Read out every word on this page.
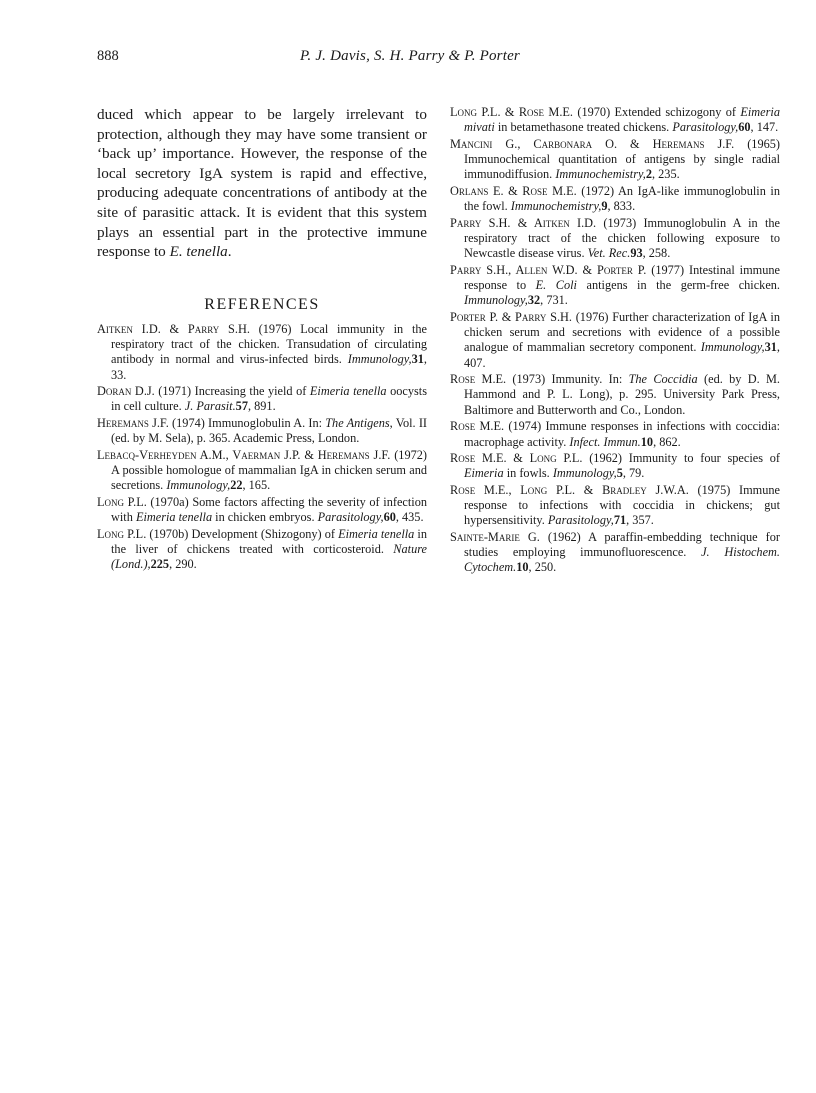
888	P. J. Davis, S. H. Parry & P. Porter

duced which appear to be largely irrelevant to protection, although they may have some transient or ‘back up’ importance. However, the response of the local secretory IgA system is rapid and effective, producing adequate concentrations of antibody at the site of parasitic attack. It is evident that this system plays an essential part in the protective immune response to E. tenella.

REFERENCES

Aitken I.D. & Parry S.H. (1976) Local immunity in the respiratory tract of the chicken. Transudation of circulating antibody in normal and virus-infected birds. Immunology,31, 33.

Doran D.J. (1971) Increasing the yield of Eimeria tenella oocysts in cell culture. J. Parasit.57, 891.

Heremans J.F. (1974) Immunoglobulin A. In: The Antigens, Vol. II (ed. by M. Sela), p. 365. Academic Press, London.

Lebacq-Verheyden A.M., Vaerman J.P. & Heremans J.F. (1972) A possible homologue of mammalian IgA in chicken serum and secretions. Immunology,22, 165.

Long P.L. (1970a) Some factors affecting the severity of infection with Eimeria tenella in chicken embryos. Parasitology,60, 435.

Long P.L. (1970b) Development (Shizogony) of Eimeria tenella in the liver of chickens treated with corticosteroid. Nature (Lond.),225, 290.

Long P.L. & Rose M.E. (1970) Extended schizogony of Eimeria mivati in betamethasone treated chickens. Parasitology,60, 147.

Mancini G., Carbonara O. & Heremans J.F. (1965) Immunochemical quantitation of antigens by single radial immunodiffusion. Immunochemistry,2, 235.

Orlans E. & Rose M.E. (1972) An IgA-like immunoglobulin in the fowl. Immunochemistry,9, 833.

Parry S.H. & Aitken I.D. (1973) Immunoglobulin A in the respiratory tract of the chicken following exposure to Newcastle disease virus. Vet. Rec.93, 258.

Parry S.H., Allen W.D. & Porter P. (1977) Intestinal immune response to E. Coli antigens in the germ-free chicken. Immunology,32, 731.

Porter P. & Parry S.H. (1976) Further characterization of IgA in chicken serum and secretions with evidence of a possible analogue of mammalian secretory component. Immunology,31, 407.

Rose M.E. (1973) Immunity. In: The Coccidia (ed. by D. M. Hammond and P. L. Long), p. 295. University Park Press, Baltimore and Butterworth and Co., London.

Rose M.E. (1974) Immune responses in infections with coccidia: macrophage activity. Infect. Immun.10, 862.

Rose M.E. & Long P.L. (1962) Immunity to four species of Eimeria in fowls. Immunology,5, 79.

Rose M.E., Long P.L. & Bradley J.W.A. (1975) Immune response to infections with coccidia in chickens; gut hypersensitivity. Parasitology,71, 357.

Sainte-Marie G. (1962) A paraffin-embedding technique for studies employing immunofluorescence. J. Histochem. Cytochem.10, 250.
